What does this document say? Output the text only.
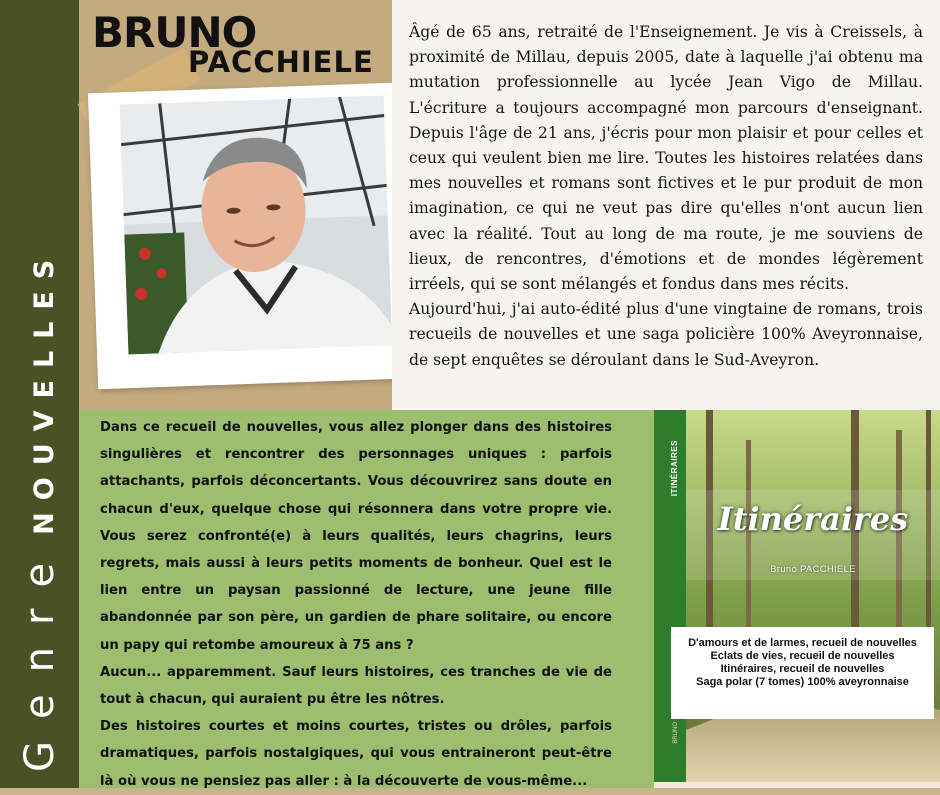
Genre
NOUVELLES
BRUNO
PACCHIELE

Âgé de 65 ans, retraité de l'Enseignement. Je vis à Creissels, à proximité de Millau, depuis 2005, date à laquelle j'ai obtenu ma mutation professionnelle au lycée Jean Vigo de Millau. L'écriture a toujours accompagné mon parcours d'enseignant. Depuis l'âge de 21 ans, j'écris pour mon plaisir et pour celles et ceux qui veulent bien me lire. Toutes les histoires relatées dans mes nouvelles et romans sont fictives et le pur produit de mon imagination, ce qui ne veut pas dire qu'elles n'ont aucun lien avec la réalité. Tout au long de ma route, je me souviens de lieux, de rencontres, d'émotions et de mondes légèrement irréels, qui se sont mélangés et fondus dans mes récits.

Aujourd'hui, j'ai auto-édité plus d'une vingtaine de romans, trois recueils de nouvelles et une saga policière 100% Aveyronnaise, de sept enquêtes se déroulant dans le Sud-Aveyron.

Dans ce recueil de nouvelles, vous allez plonger dans des histoires singulières et rencontrer des personnages uniques : parfois attachants, parfois déconcertants. Vous découvrirez sans doute en chacun d'eux, quelque chose qui résonnera dans votre propre vie. Vous serez confronté(e) à leurs qualités, leurs chagrins, leurs regrets, mais aussi à leurs petits moments de bonheur. Quel est le lien entre un paysan passionné de lecture, une jeune fille abandonnée par son père, un gardien de phare solitaire, ou encore un papy qui retombe amoureux à 75 ans ?

Aucun... apparemment. Sauf leurs histoires, ces tranches de vie de tout à chacun, qui auraient pu être les nôtres.

Des histoires courtes et moins courtes, tristes ou drôles, parfois dramatiques, parfois nostalgiques, qui vous entraineront peut-être là où vous ne pensiez pas aller : à la découverte de vous-même...

ITINÉRAIRES
BRUNO
Itinéraires
Bruno PACCHIELE
D'amours et de larmes, recueil de nouvelles
Eclats de vies, recueil de nouvelles
Itinéraires, recueil de nouvelles
Saga polar (7 tomes) 100% aveyronnaise
